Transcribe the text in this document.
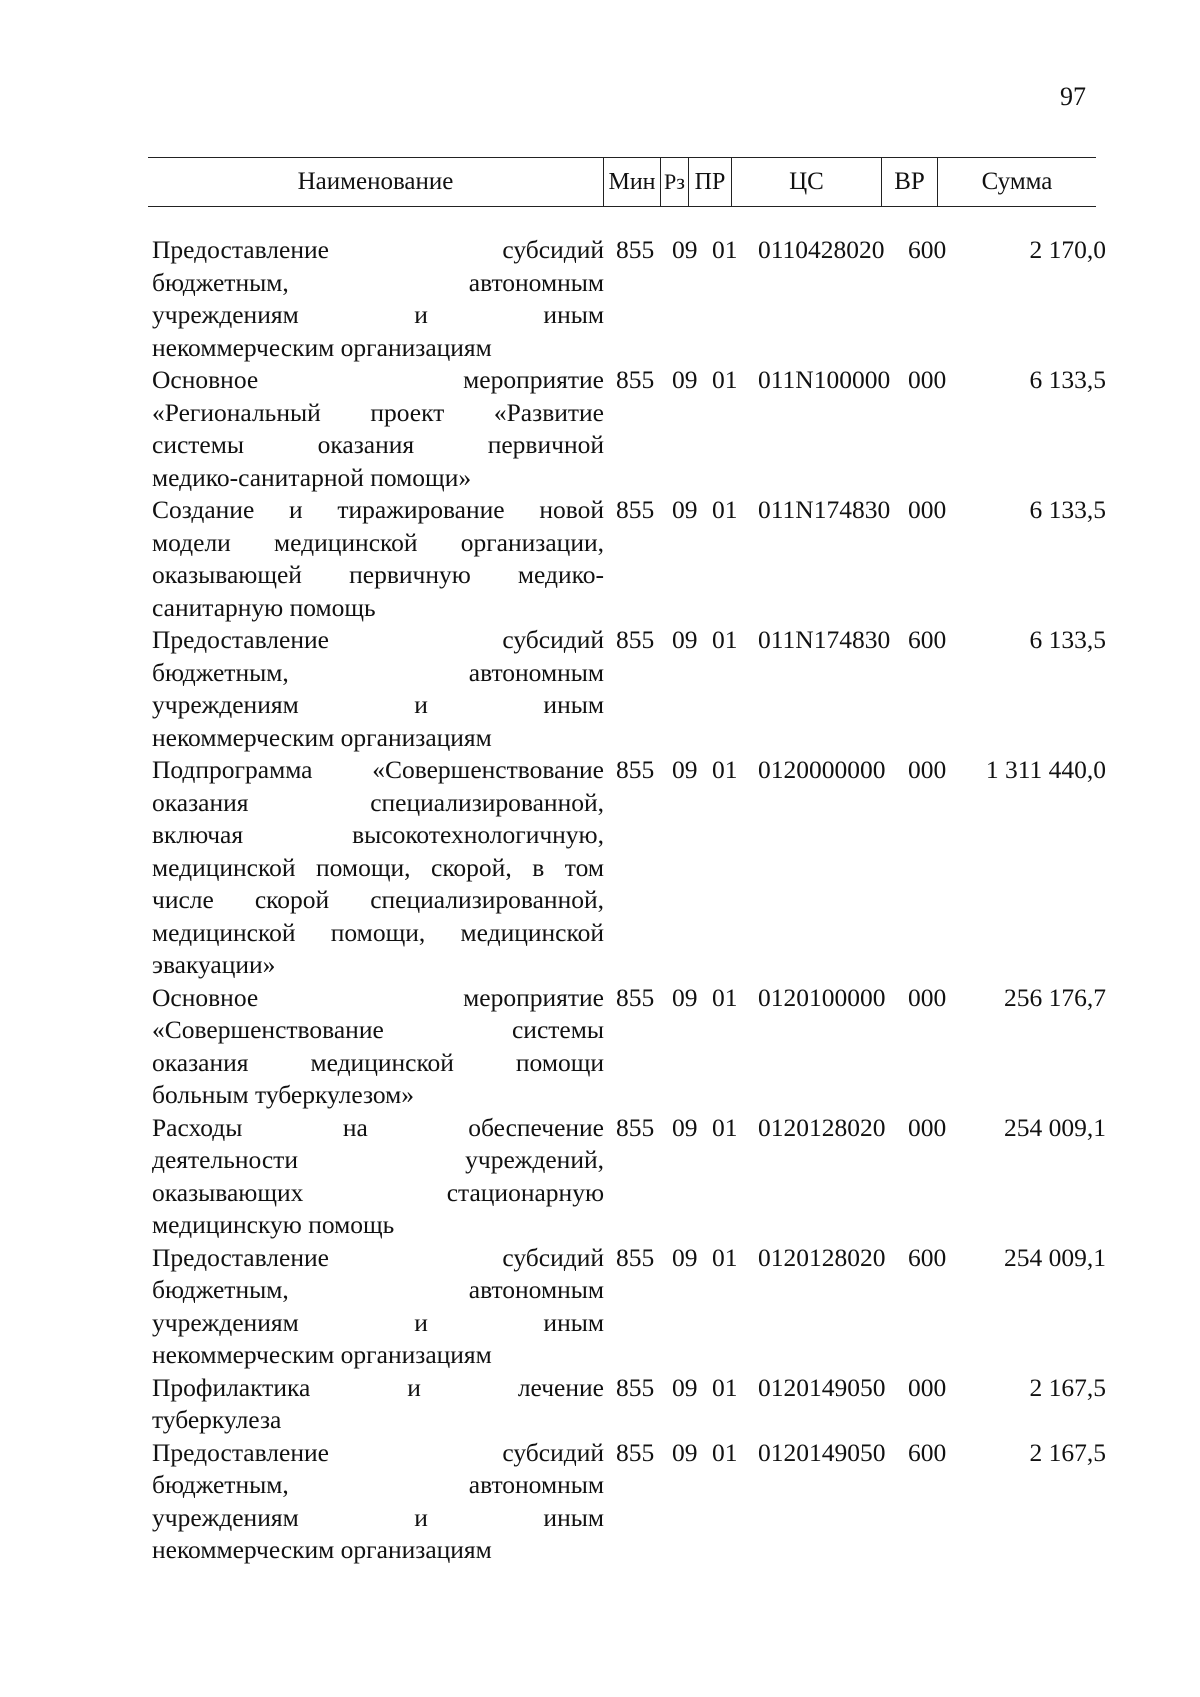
97
Наименование	Мин Рз ПР	ЦС	ВР	Сумма
Предоставление субсидий
бюджетным, автономным
учреждениям и иным
некоммерческим организациям
855 09 01 0110428020 600	2 170,0
Основное мероприятие
«Региональный проект «Развитие
системы оказания первичной
медико-санитарной помощи»
855 09 01 011N100000 000	6 133,5
Создание и тиражирование новой
модели медицинской организации,
оказывающей первичную медико-
санитарную помощь
855 09 01 011N174830 000	6 133,5
Предоставление субсидий
бюджетным, автономным
учреждениям и иным
некоммерческим организациям
855 09 01 011N174830 600	6 133,5
Подпрограмма «Совершенствование
оказания специализированной,
включая высокотехнологичную,
медицинской помощи, скорой, в том
числе скорой специализированной,
медицинской помощи, медицинской
эвакуации»
855 09 01 0120000000 000	1 311 440,0
Основное мероприятие
«Совершенствование системы
оказания медицинской помощи
больным туберкулезом»
855 09 01 0120100000 000	256 176,7
Расходы на обеспечение
деятельности учреждений,
оказывающих стационарную
медицинскую помощь
855 09 01 0120128020 000	254 009,1
Предоставление субсидий
бюджетным, автономным
учреждениям и иным
некоммерческим организациям
855 09 01 0120128020 600	254 009,1
Профилактика и лечение
туберкулеза
855 09 01 0120149050 000	2 167,5
Предоставление субсидий
бюджетным, автономным
учреждениям и иным
некоммерческим организациям
855 09 01 0120149050 600	2 167,5
